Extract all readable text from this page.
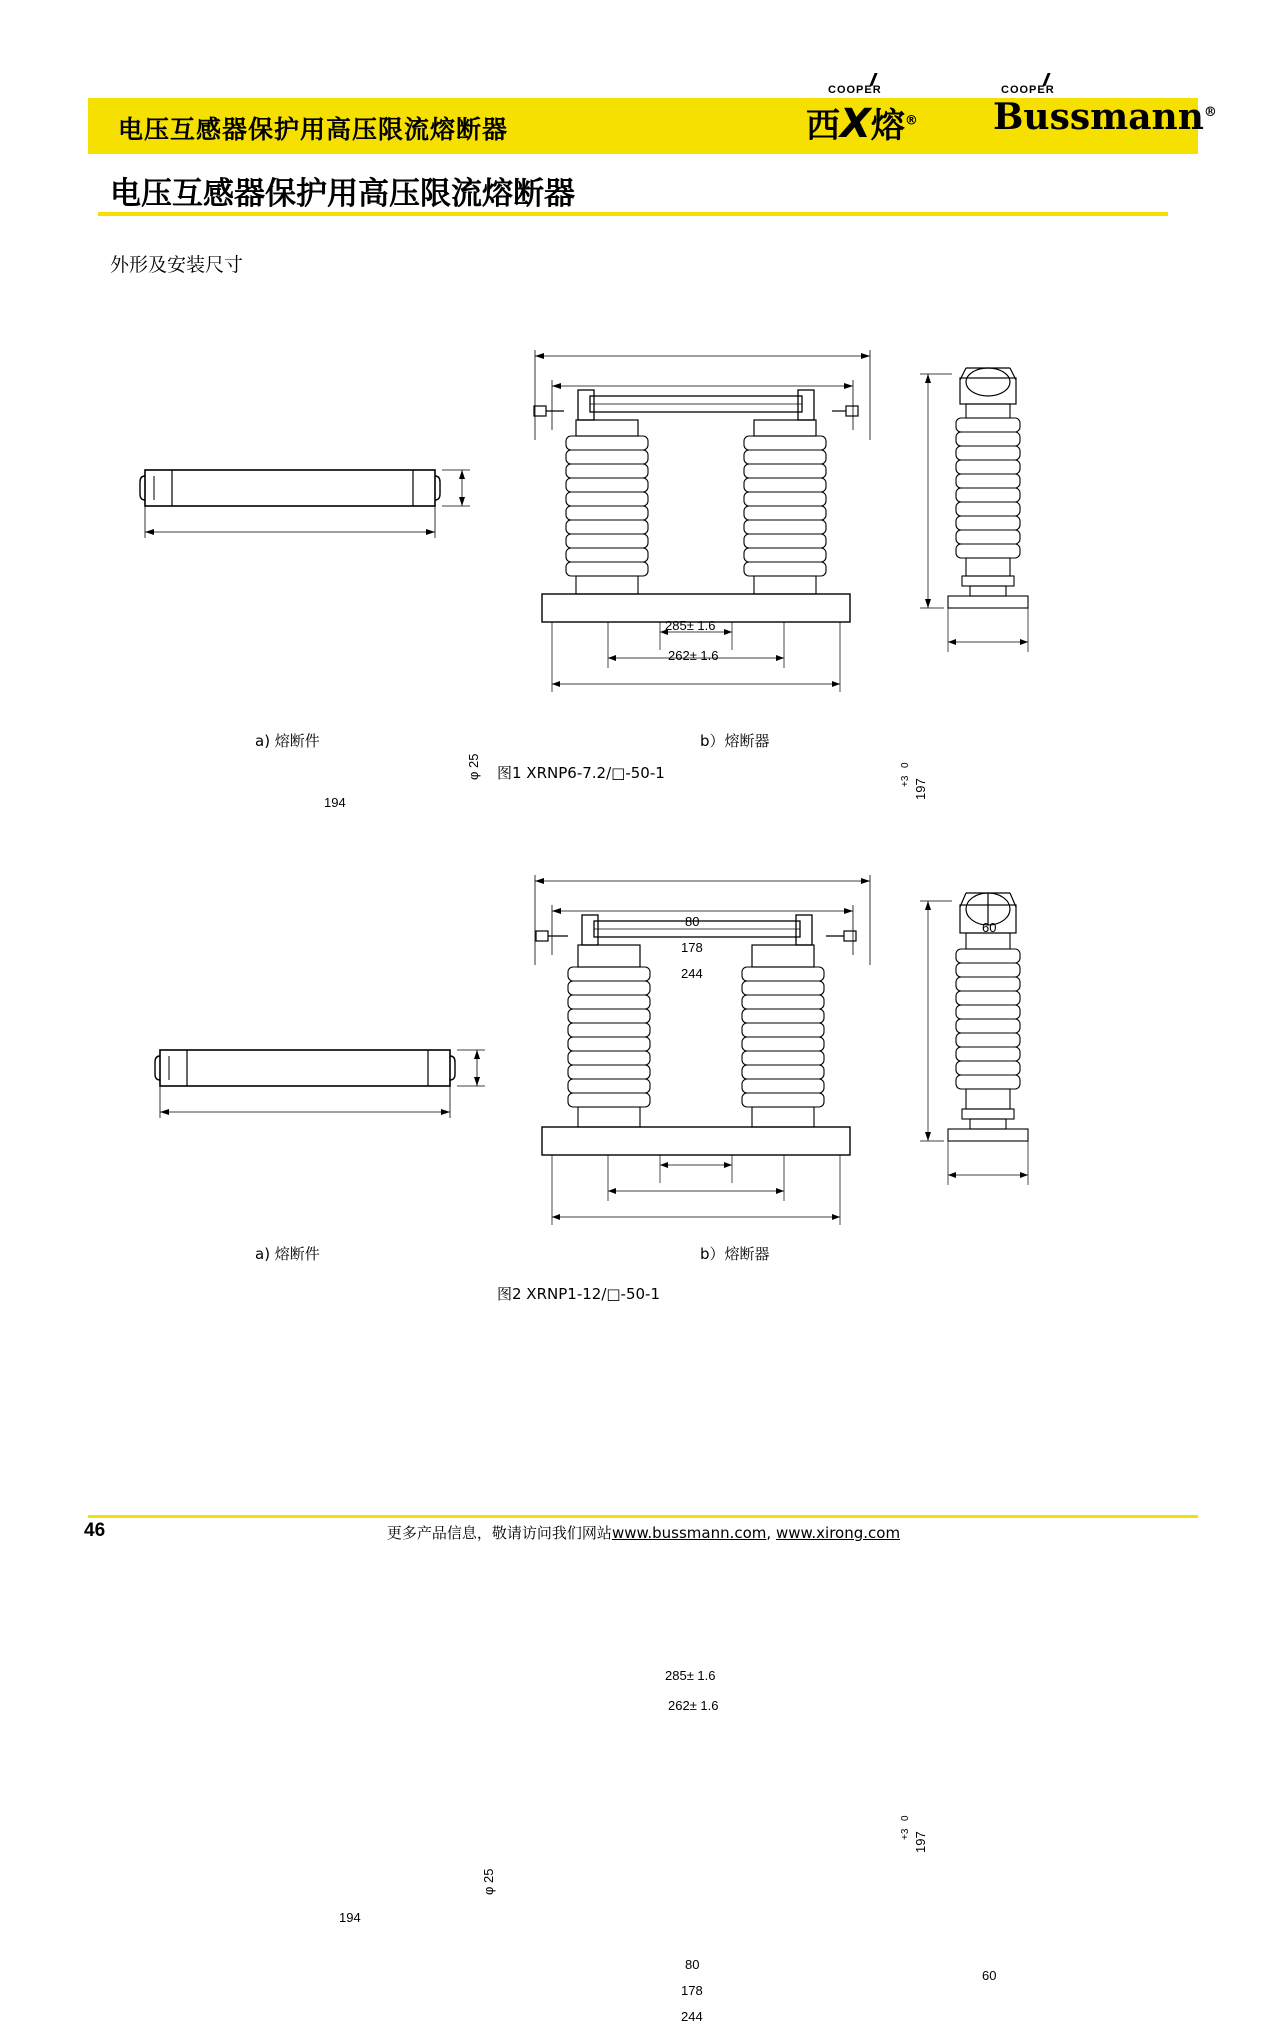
电压互感器保护用高压限流熔断器
COOPER
西X熔®
COOPER
Bussmann®
电压互感器保护用高压限流熔断器
外形及安装尺寸
194
φ 25
285± 1.6
262± 1.6
80
178
244
197
+3
0
60
a) 熔断件	b）熔断器
图1 XRNP6-7.2/□-50-1
194
φ 25
285± 1.6
262± 1.6
80
178
244
197
+3
0
60
a) 熔断件	b）熔断器
图2 XRNP1-12/□-50-1
46	更多产品信息，敬请访问我们网站www.bussmann.com, www.xirong.com
